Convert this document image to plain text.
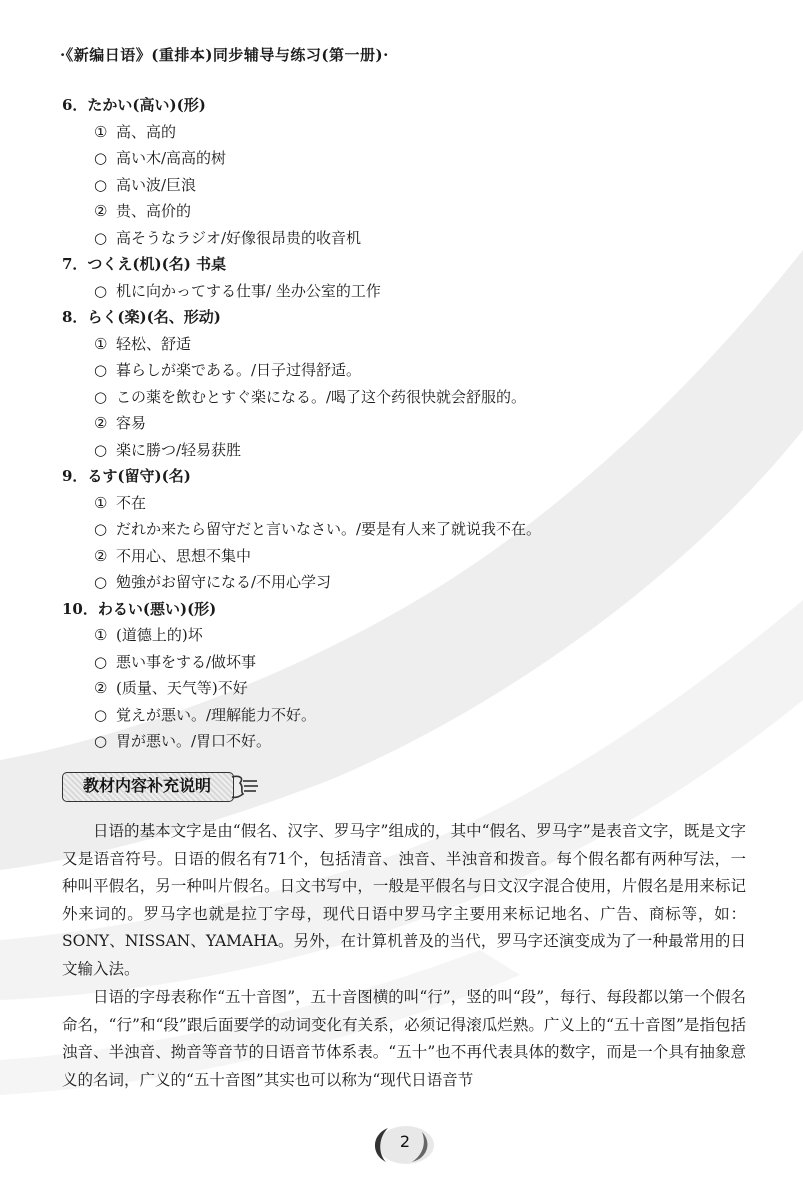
·《新编日语》(重排本)同步辅导与练习(第一册)·
6．たかい(高い)(形)
① 高、高的
○ 高い木/高高的树
○ 高い波/巨浪
② 贵、高价的
○ 高そうなラジオ/好像很昂贵的收音机
7．つくえ(机)(名) 书桌
○ 机に向かってする仕事/ 坐办公室的工作
8．らく(楽)(名、形动)
① 轻松、舒适
○ 暮らしが楽である。/日子过得舒适。
○ この薬を飲むとすぐ楽になる。/喝了这个药很快就会舒服的。
② 容易
○ 楽に勝つ/轻易获胜
9．るす(留守)(名)
① 不在
○ だれか来たら留守だと言いなさい。/要是有人来了就说我不在。
② 不用心、思想不集中
○ 勉強がお留守になる/不用心学习
10．わるい(悪い)(形)
① (道德上的)坏
○ 悪い事をする/做坏事
② (质量、天气等)不好
○ 覚えが悪い。/理解能力不好。
○ 胃が悪い。/胃口不好。
教材内容补充说明

日语的基本文字是由“假名、汉字、罗马字”组成的，其中“假名、罗马字”是表音文字，既是文字又是语音符号。日语的假名有71个，包括清音、浊音、半浊音和拨音。每个假名都有两种写法，一种叫平假名，另一种叫片假名。日文书写中，一般是平假名与日文汉字混合使用，片假名是用来标记外来词的。罗马字也就是拉丁字母，现代日语中罗马字主要用来标记地名、广告、商标等，如：SONY、NISSAN、YAMAHA。另外，在计算机普及的当代，罗马字还演变成为了一种最常用的日文输入法。

日语的字母表称作“五十音图”，五十音图横的叫“行”，竖的叫“段”，每行、每段都以第一个假名命名，“行”和“段”跟后面要学的动词变化有关系，必须记得滚瓜烂熟。广义上的“五十音图”是指包括浊音、半浊音、拗音等音节的日语音节体系表。“五十”也不再代表具体的数字，而是一个具有抽象意义的名词，广义的“五十音图”其实也可以称为“现代日语音节

2
